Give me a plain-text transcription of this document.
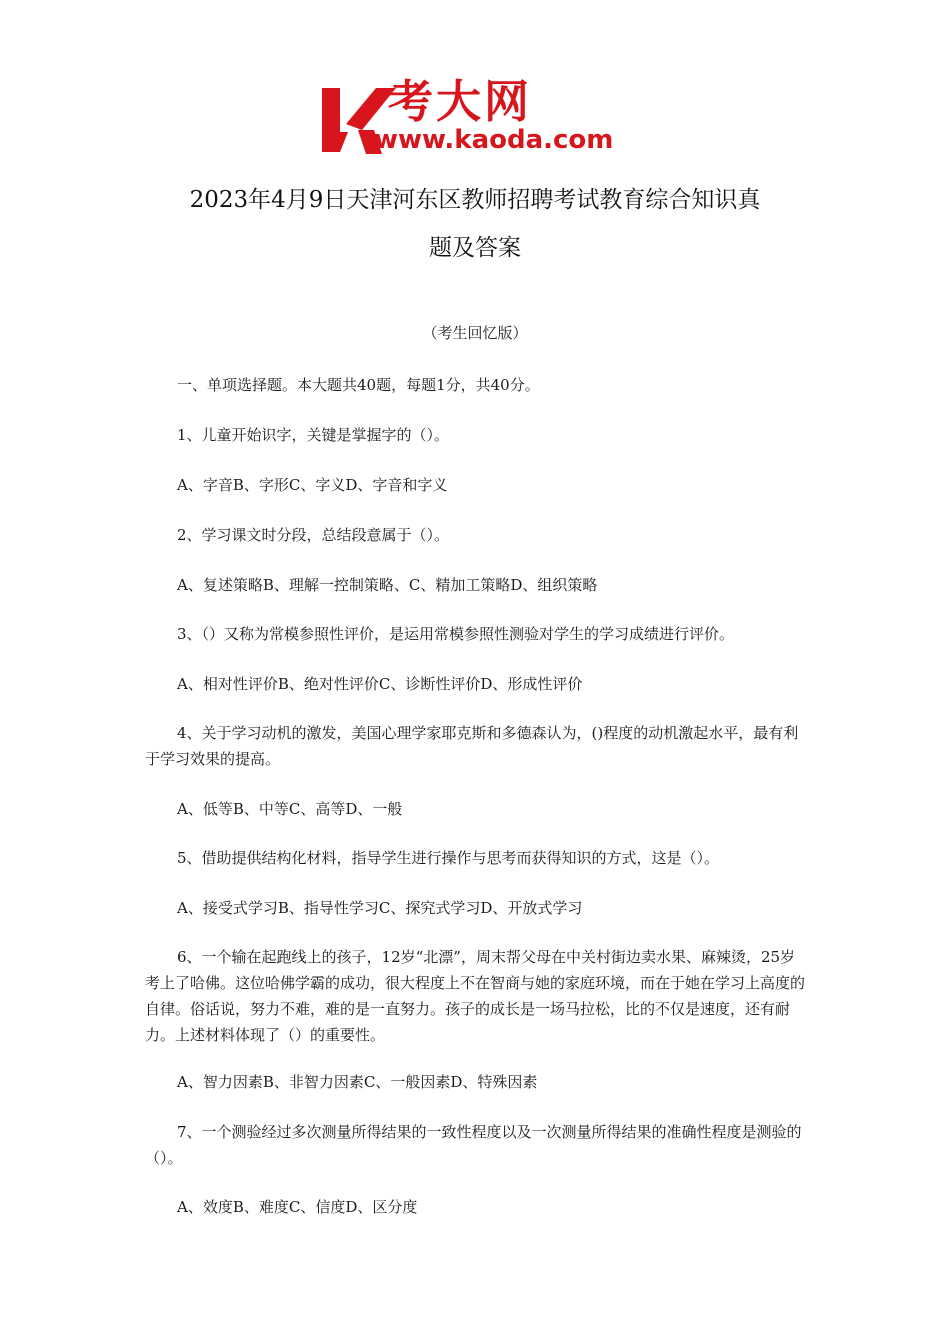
考大网
www.kaoda.com
2023年4月9日天津河东区教师招聘考试教育综合知识真
题及答案
（考生回忆版）
一、单项选择题。本大题共40题，每题1分，共40分。
1、儿童开始识字，关键是掌握字的（）。
A、字音B、字形C、字义D、字音和字义
2、学习课文时分段，总结段意属于（）。
A、复述策略B、理解一控制策略、C、精加工策略D、组织策略
3、（）又称为常模参照性评价，是运用常模参照性测验对学生的学习成绩进行评价。
A、相对性评价B、绝对性评价C、诊断性评价D、形成性评价
4、关于学习动机的激发，美国心理学家耶克斯和多德森认为，()程度的动机激起水平，最有利于学习效果的提高。
A、低等B、中等C、高等D、一般
5、借助提供结构化材料，指导学生进行操作与思考而获得知识的方式，这是（）。
A、接受式学习B、指导性学习C、探究式学习D、开放式学习
6、一个输在起跑线上的孩子，12岁“北漂”，周末帮父母在中关村街边卖水果、麻辣烫，25岁考上了哈佛。这位哈佛学霸的成功，很大程度上不在智商与她的家庭环境，而在于她在学习上高度的自律。俗话说，努力不难，难的是一直努力。孩子的成长是一场马拉松，比的不仅是速度，还有耐力。上述材料体现了（）的重要性。
A、智力因素B、非智力因素C、一般因素D、特殊因素
7、一个测验经过多次测量所得结果的一致性程度以及一次测量所得结果的准确性程度是测验的（）。
A、效度B、难度C、信度D、区分度
